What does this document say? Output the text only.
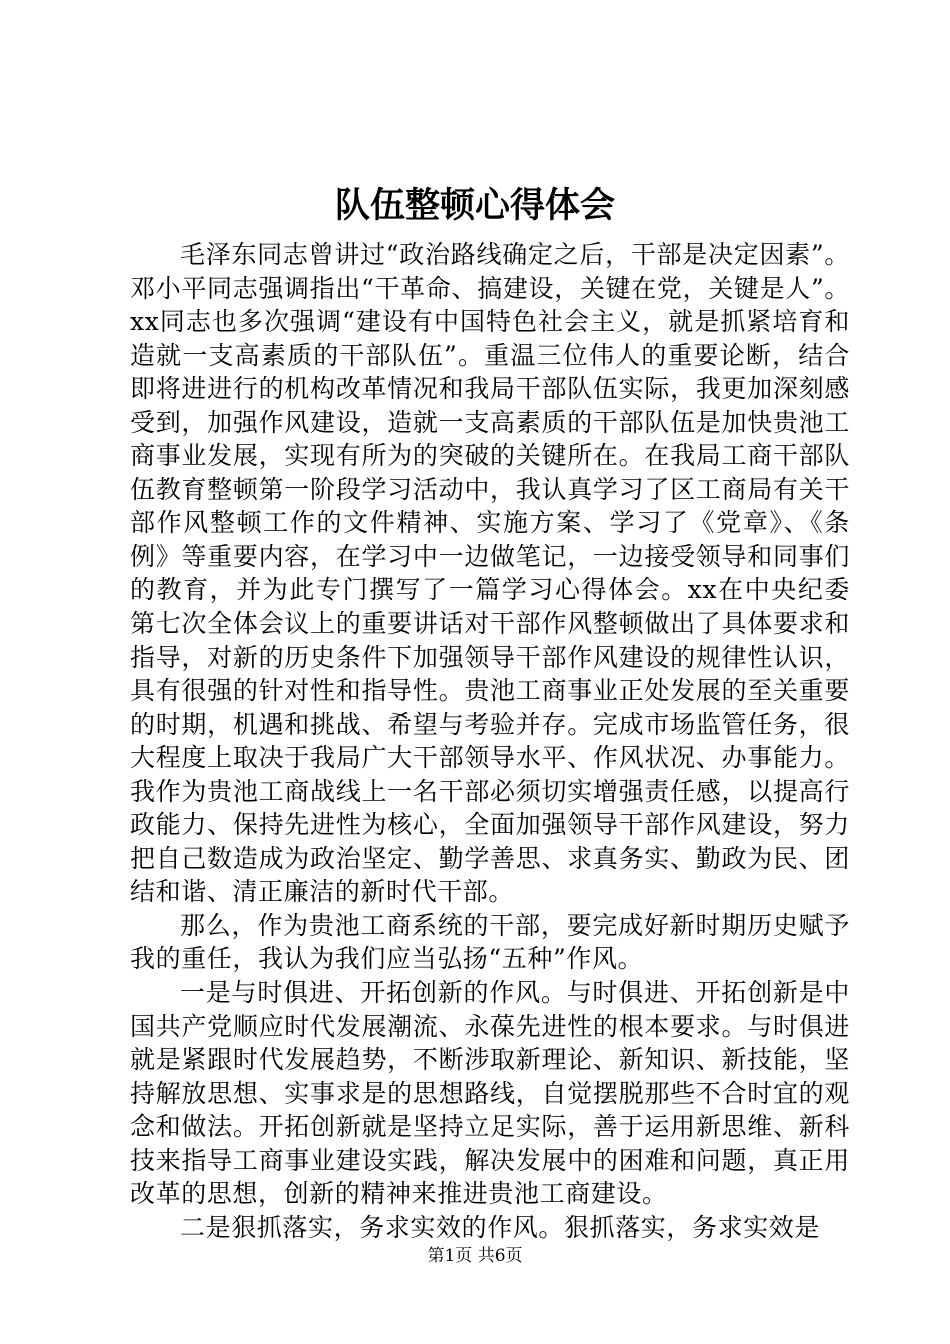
队伍整顿心得体会

毛泽东同志曾讲过“政治路线确定之后，干部是决定因素”。邓小平同志强调指出“干革命、搞建设，关键在党，关键是人”。xx同志也多次强调“建设有中国特色社会主义，就是抓紧培育和造就一支高素质的干部队伍”。重温三位伟人的重要论断，结合即将进进行的机构改革情况和我局干部队伍实际，我更加深刻感受到，加强作风建设，造就一支高素质的干部队伍是加快贵池工商事业发展，实现有所为的突破的关键所在。在我局工商干部队伍教育整顿第一阶段学习活动中，我认真学习了区工商局有关干部作风整顿工作的文件精神、实施方案、学习了《党章》、《条例》等重要内容，在学习中一边做笔记，一边接受领导和同事们的教育，并为此专门撰写了一篇学习心得体会。xx在中央纪委第七次全体会议上的重要讲话对干部作风整顿做出了具体要求和指导，对新的历史条件下加强领导干部作风建设的规律性认识，具有很强的针对性和指导性。贵池工商事业正处发展的至关重要的时期，机遇和挑战、希望与考验并存。完成市场监管任务，很大程度上取决于我局广大干部领导水平、作风状况、办事能力。我作为贵池工商战线上一名干部必须切实增强责任感，以提高行政能力、保持先进性为核心，全面加强领导干部作风建设，努力把自己数造成为政治坚定、勤学善思、求真务实、勤政为民、团结和谐、清正廉洁的新时代干部。

那么，作为贵池工商系统的干部，要完成好新时期历史赋予我的重任，我认为我们应当弘扬“五种”作风。

一是与时俱进、开拓创新的作风。与时俱进、开拓创新是中国共产党顺应时代发展潮流、永葆先进性的根本要求。与时俱进就是紧跟时代发展趋势，不断涉取新理论、新知识、新技能，坚持解放思想、实事求是的思想路线，自觉摆脱那些不合时宜的观念和做法。开拓创新就是坚持立足实际，善于运用新思维、新科技来指导工商事业建设实践，解决发展中的困难和问题，真正用改革的思想，创新的精神来推进贵池工商建设。

二是狠抓落实，务求实效的作风。狠抓落实，务求实效是

第1页 共6页
